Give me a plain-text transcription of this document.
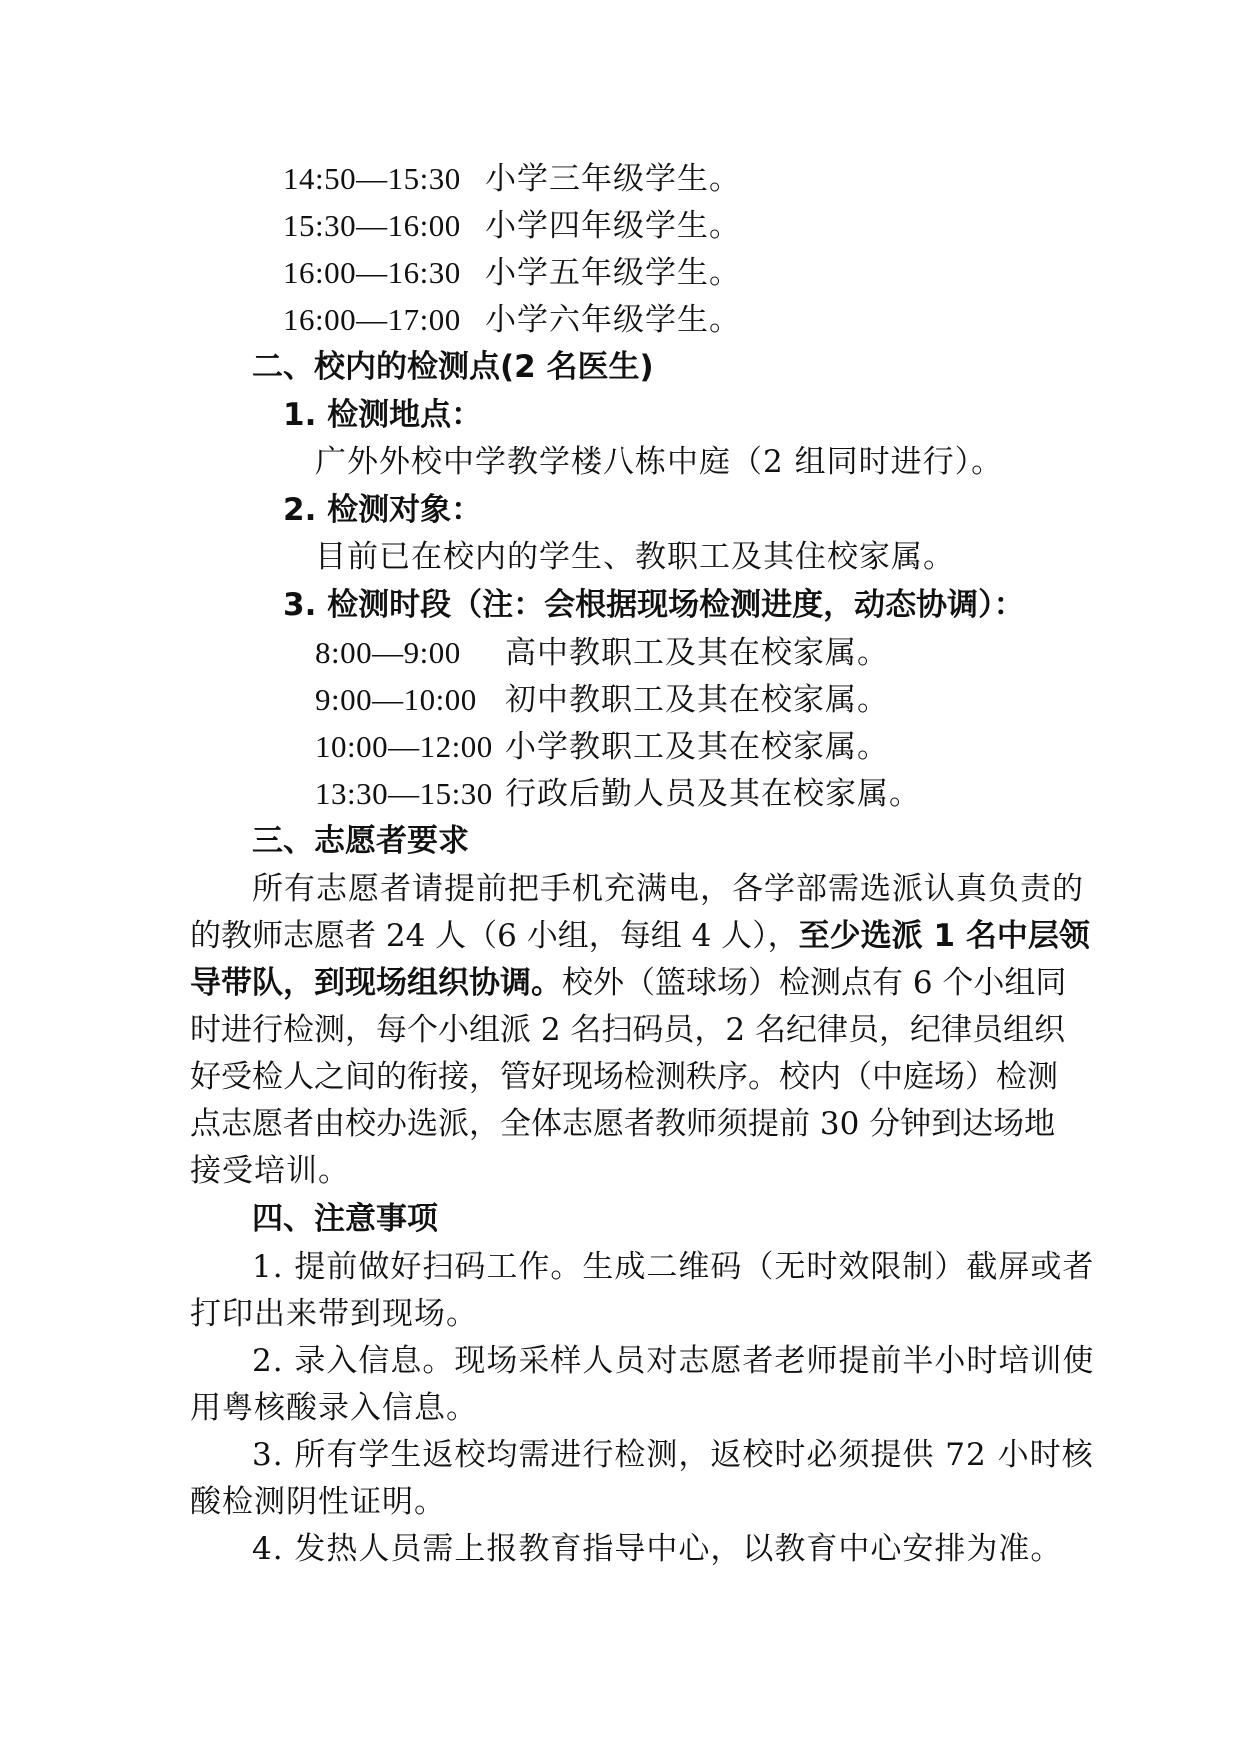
14:50—15:30 小学三年级学生。
15:30—16:00 小学四年级学生。
16:00—16:30 小学五年级学生。
16:00—17:00 小学六年级学生。
二、校内的检测点(2 名医生)
1. 检测地点：
广外外校中学教学楼八栋中庭（2 组同时进行）。
2. 检测对象：
目前已在校内的学生、教职工及其住校家属。
3. 检测时段（注：会根据现场检测进度，动态协调）：
8:00—9:00 高中教职工及其在校家属。
9:00—10:00 初中教职工及其在校家属。
10:00—12:00 小学教职工及其在校家属。
13:30—15:30 行政后勤人员及其在校家属。
三、志愿者要求
所有志愿者请提前把手机充满电，各学部需选派认真负责的
的教师志愿者 24 人（6 小组，每组 4 人），至少选派 1 名中层领
导带队，到现场组织协调。校外（篮球场）检测点有 6 个小组同
时进行检测，每个小组派 2 名扫码员，2 名纪律员，纪律员组织
好受检人之间的衔接，管好现场检测秩序。校内（中庭场）检测
点志愿者由校办选派，全体志愿者教师须提前 30 分钟到达场地
接受培训。
四、注意事项
1. 提前做好扫码工作。生成二维码（无时效限制）截屏或者
打印出来带到现场。
2. 录入信息。现场采样人员对志愿者老师提前半小时培训使
用粤核酸录入信息。
3. 所有学生返校均需进行检测，返校时必须提供 72 小时核
酸检测阴性证明。
4. 发热人员需上报教育指导中心，以教育中心安排为准。
